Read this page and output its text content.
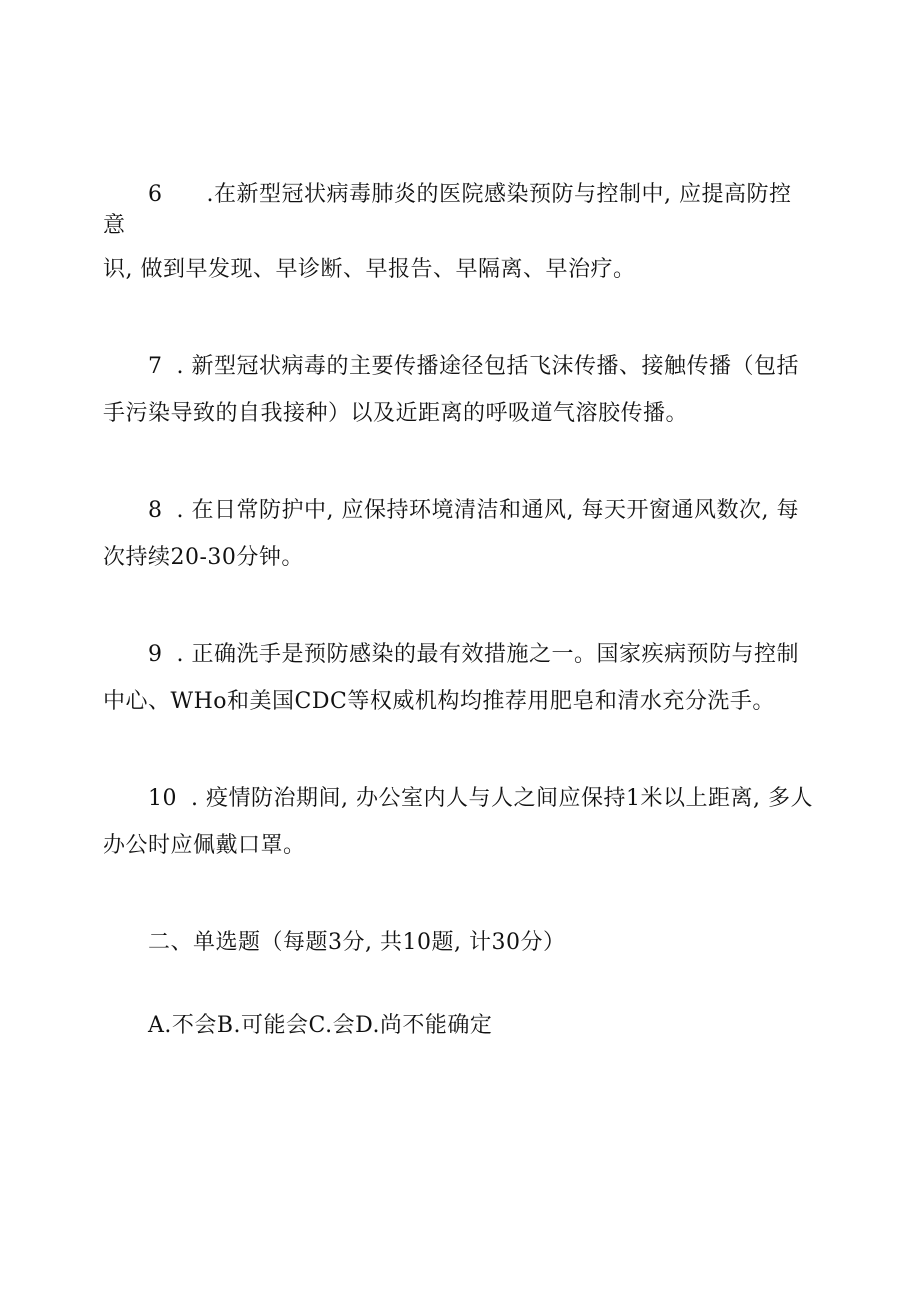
6 .在新型冠状病毒肺炎的医院感染预防与控制中, 应提高防控
意
识, 做到早发现、早诊断、早报告、早隔离、早治疗。
7 . 新型冠状病毒的主要传播途径包括飞沫传播、接触传播（包括
手污染导致的自我接种）以及近距离的呼吸道气溶胶传播。
8 . 在日常防护中, 应保持环境清洁和通风, 每天开窗通风数次, 每
次持续20-30分钟。
9 . 正确洗手是预防感染的最有效措施之一。国家疾病预防与控制
中心、WHo和美国CDC等权威机构均推荐用肥皂和清水充分洗手。
10 . 疫情防治期间, 办公室内人与人之间应保持1米以上距离, 多人
办公时应佩戴口罩。
二、单选题（每题3分, 共10题, 计30分）
A.不会B.可能会C.会D.尚不能确定
